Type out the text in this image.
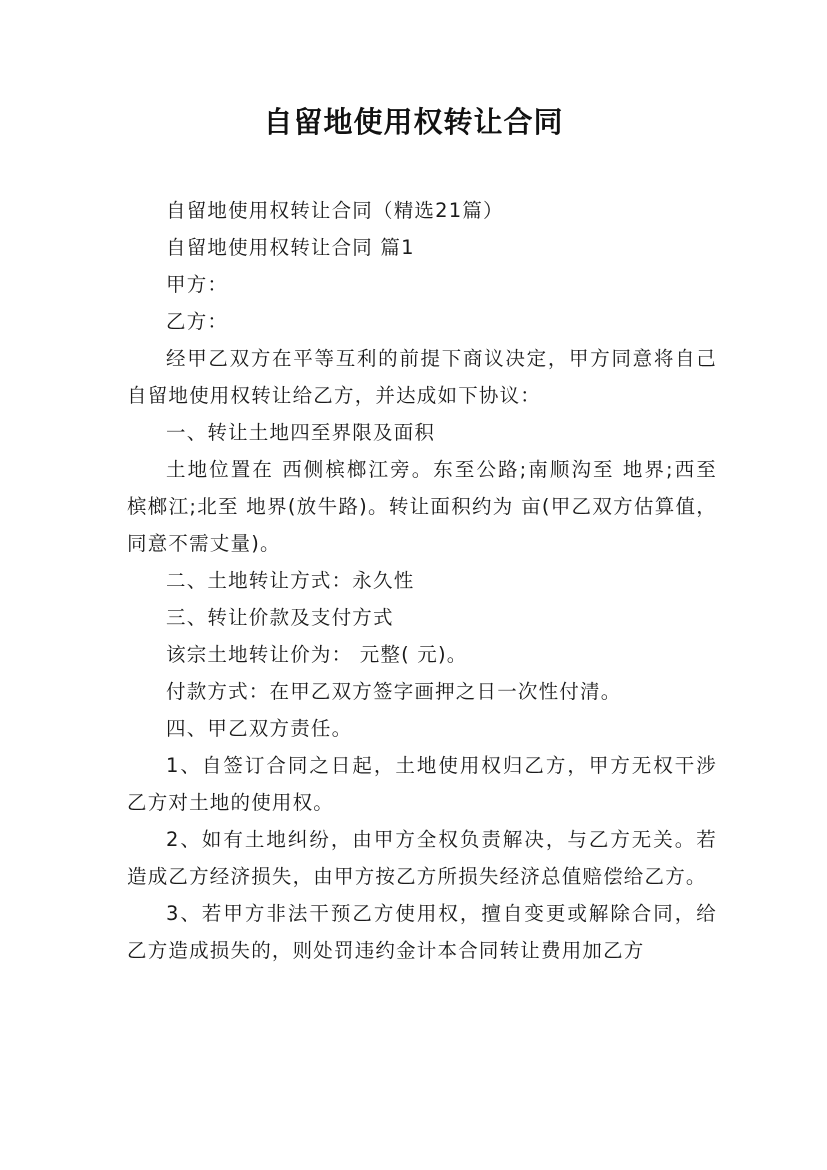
自留地使用权转让合同

自留地使用权转让合同（精选21篇）

自留地使用权转让合同 篇1

甲方：

乙方：

经甲乙双方在平等互利的前提下商议决定，甲方同意将自己自留地使用权转让给乙方，并达成如下协议：

一、转让土地四至界限及面积

土地位置在 西侧槟榔江旁。东至公路;南顺沟至 地界;西至 槟榔江;北至 地界(放牛路)。转让面积约为 亩(甲乙双方估算值，同意不需丈量)。

二、土地转让方式：永久性

三、转让价款及支付方式

该宗土地转让价为： 元整( 元)。

付款方式：在甲乙双方签字画押之日一次性付清。

四、甲乙双方责任。

1、自签订合同之日起，土地使用权归乙方，甲方无权干涉乙方对土地的使用权。

2、如有土地纠纷，由甲方全权负责解决，与乙方无关。若造成乙方经济损失，由甲方按乙方所损失经济总值赔偿给乙方。

3、若甲方非法干预乙方使用权，擅自变更或解除合同，给乙方造成损失的，则处罚违约金计本合同转让费用加乙方
